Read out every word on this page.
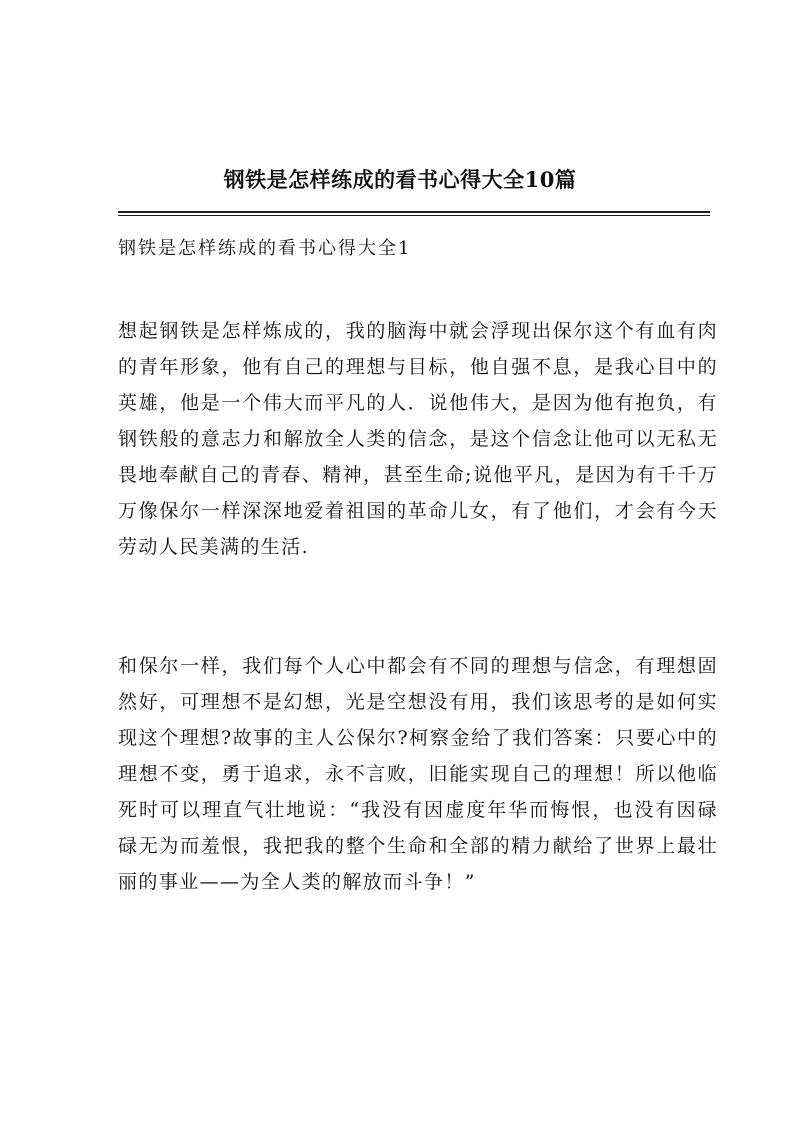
钢铁是怎样练成的看书心得大全10篇
钢铁是怎样练成的看书心得大全1

想起钢铁是怎样炼成的，我的脑海中就会浮现出保尔这个有血有肉的青年形象，他有自己的理想与目标，他自强不息，是我心目中的英雄，他是一个伟大而平凡的人．说他伟大，是因为他有抱负，有钢铁般的意志力和解放全人类的信念，是这个信念让他可以无私无畏地奉献自己的青春、精神，甚至生命;说他平凡，是因为有千千万万像保尔一样深深地爱着祖国的革命儿女，有了他们，才会有今天劳动人民美满的生活.

和保尔一样，我们每个人心中都会有不同的理想与信念，有理想固然好，可理想不是幻想，光是空想没有用，我们该思考的是如何实现这个理想?故事的主人公保尔?柯察金给了我们答案：只要心中的理想不变，勇于追求，永不言败，旧能实现自己的理想！所以他临死时可以理直气壮地说：“我没有因虚度年华而悔恨，也没有因碌碌无为而羞恨，我把我的整个生命和全部的精力献给了世界上最壮丽的事业——为全人类的解放而斗争！”
